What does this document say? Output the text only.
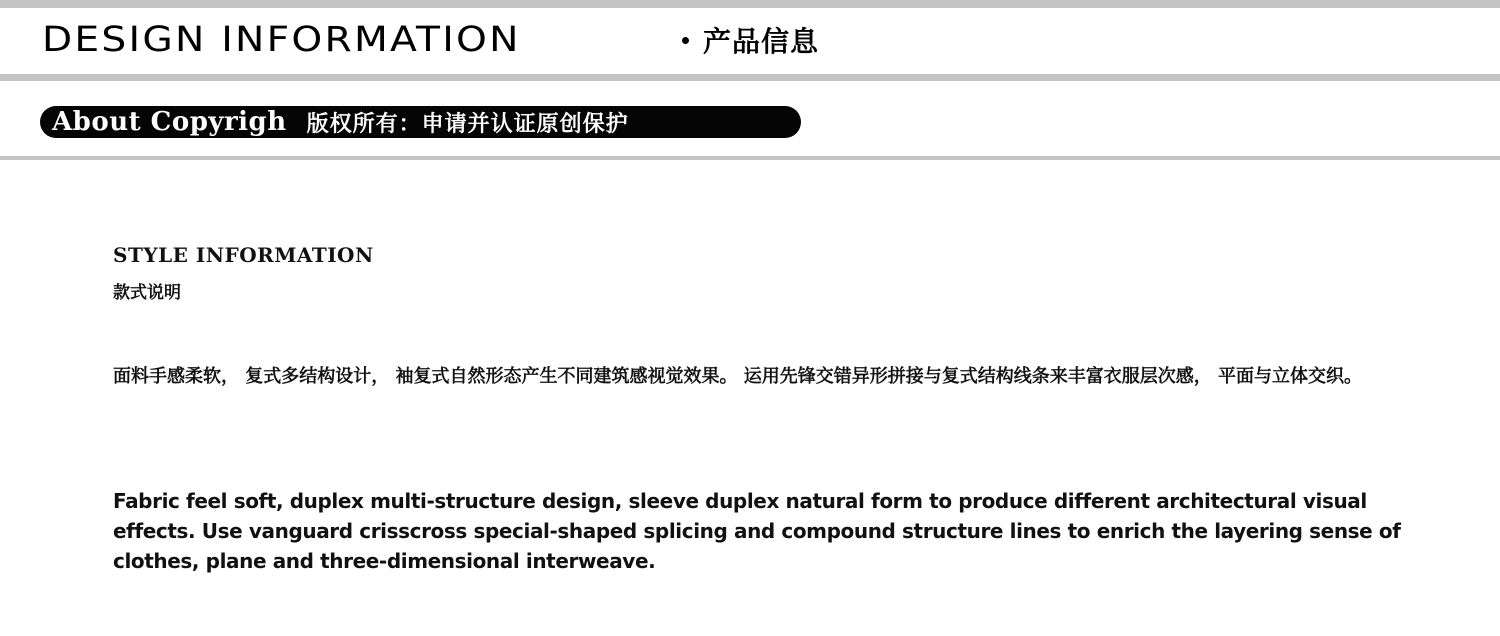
DESIGN INFORMATION	产品信息
About Copyrigh 版权所有：申请并认证原创保护
STYLE INFORMATION
款式说明

面料手感柔软， 复式多结构设计， 袖复式自然形态产生不同建筑感视觉效果。 运用先锋交错异形拼接与复式结构线条来丰富衣服层次感， 平面与立体交织。

Fabric feel soft, duplex multi-structure design, sleeve duplex natural form to produce different architectural visual effects. Use vanguard crisscross special-shaped splicing and compound structure lines to enrich the layering sense of clothes, plane and three-dimensional interweave.
